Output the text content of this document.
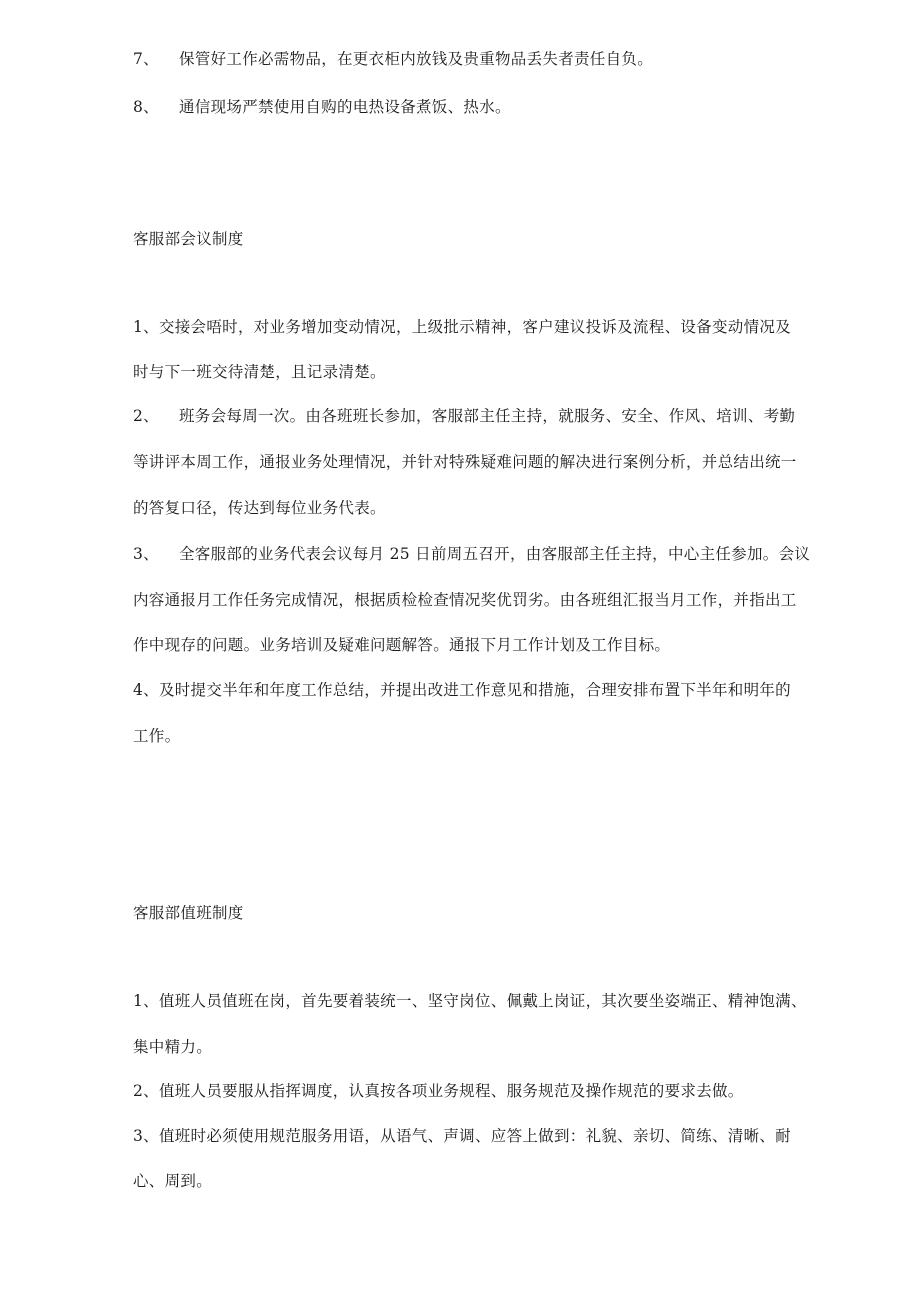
7、 保管好工作必需物品，在更衣柜内放钱及贵重物品丢失者责任自负。
8、 通信现场严禁使用自购的电热设备煮饭、热水。
客服部会议制度
1、交接会唔时，对业务增加变动情况，上级批示精神，客户建议投诉及流程、设备变动情况及
时与下一班交待清楚，且记录清楚。
2、 班务会每周一次。由各班班长参加，客服部主任主持，就服务、安全、作风、培训、考勤
等讲评本周工作，通报业务处理情况，并针对特殊疑难问题的解决进行案例分析，并总结出统一
的答复口径，传达到每位业务代表。
3、 全客服部的业务代表会议每月 25 日前周五召开，由客服部主任主持，中心主任参加。会议
内容通报月工作任务完成情况，根据质检检查情况奖优罚劣。由各班组汇报当月工作，并指出工
作中现存的问题。业务培训及疑难问题解答。通报下月工作计划及工作目标。
4、及时提交半年和年度工作总结，并提出改进工作意见和措施，合理安排布置下半年和明年的
工作。
客服部值班制度
1、值班人员值班在岗，首先要着装统一、坚守岗位、佩戴上岗证，其次要坐姿端正、精神饱满、
集中精力。
2、值班人员要服从指挥调度，认真按各项业务规程、服务规范及操作规范的要求去做。
3、值班时必须使用规范服务用语，从语气、声调、应答上做到：礼貌、亲切、简练、清晰、耐
心、周到。
